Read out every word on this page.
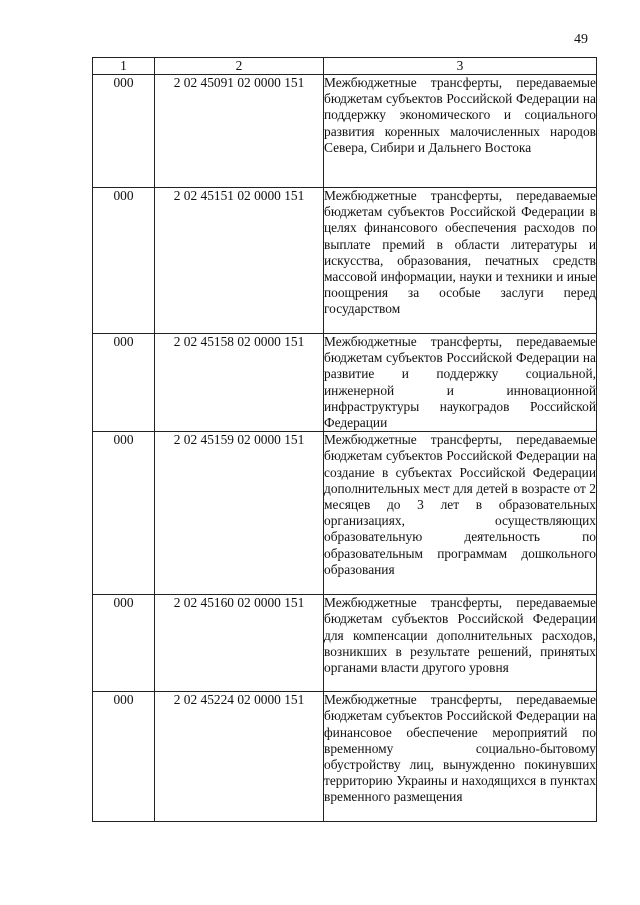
49
1	2	3
000	2 02 45091 02 0000 151	Межбюджетные трансферты, передаваемые бюджетам субъектов Российской Федерации на поддержку экономического и социального развития коренных малочисленных народов Севера, Сибири и Дальнего Востока
000	2 02 45151 02 0000 151	Межбюджетные трансферты, передаваемые бюджетам субъектов Российской Федерации в целях финансового обеспечения расходов по выплате премий в области литературы и искусства, образования, печатных средств массовой информации, науки и техники и иные поощрения за особые заслуги перед государством
000	2 02 45158 02 0000 151	Межбюджетные трансферты, передаваемые бюджетам субъектов Российской Федерации на развитие и поддержку социальной, инженерной и инновационной инфраструктуры наукоградов Российской Федерации
000	2 02 45159 02 0000 151	Межбюджетные трансферты, передаваемые бюджетам субъектов Российской Федерации на создание в субъектах Российской Федерации дополнительных мест для детей в возрасте от 2 месяцев до 3 лет в образовательных организациях, осуществляющих образовательную деятельность по образовательным программам дошкольного образования
000	2 02 45160 02 0000 151	Межбюджетные трансферты, передаваемые бюджетам субъектов Российской Федерации для компенсации дополнительных расходов, возникших в результате решений, принятых органами власти другого уровня
000	2 02 45224 02 0000 151	Межбюджетные трансферты, передаваемые бюджетам субъектов Российской Федерации на финансовое обеспечение мероприятий по временному социально-бытовому обустройству лиц, вынужденно покинувших территорию Украины и находящихся в пунктах временного размещения
